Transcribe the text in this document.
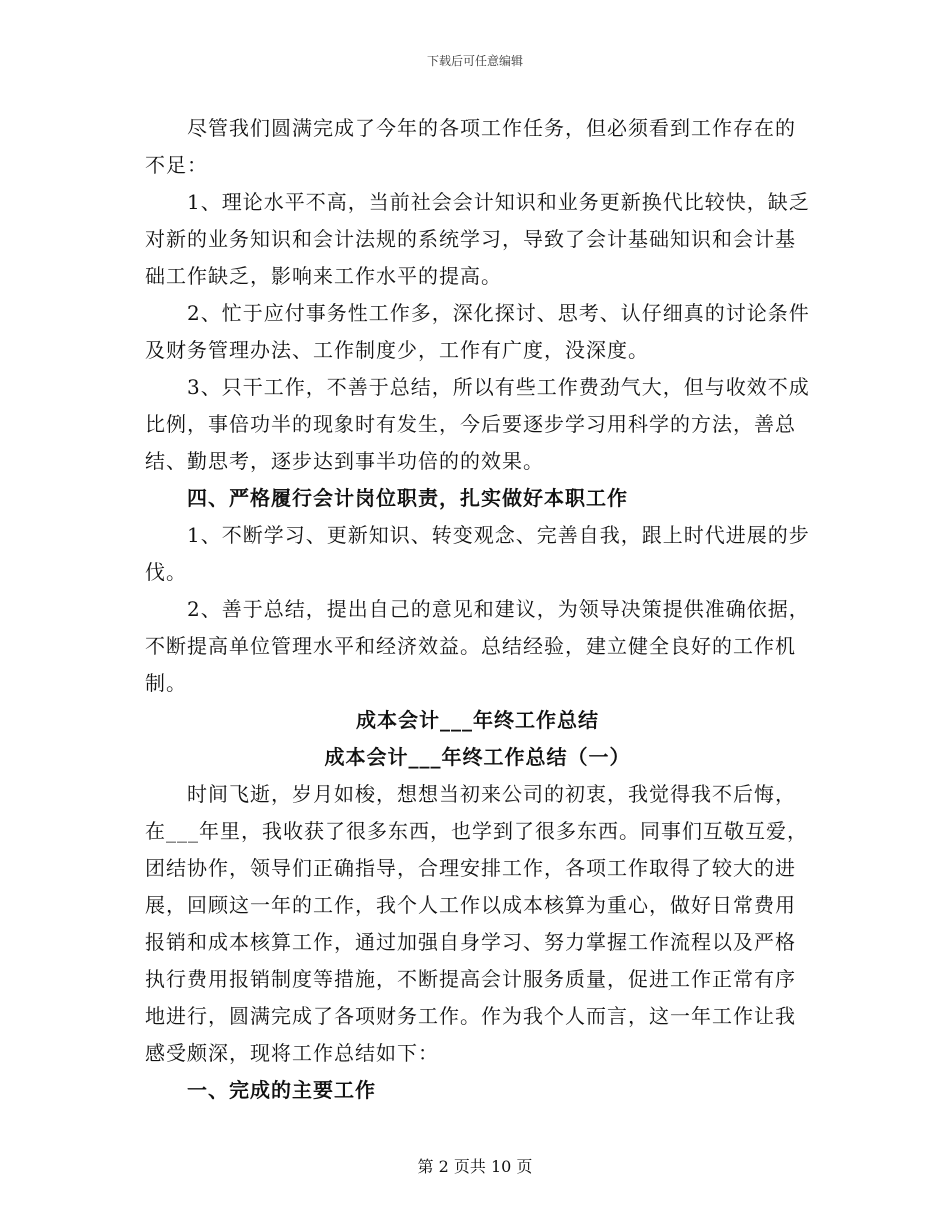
下载后可任意编辑

尽管我们圆满完成了今年的各项工作任务，但必须看到工作存在的不足：

1、理论水平不高，当前社会会计知识和业务更新换代比较快，缺乏对新的业务知识和会计法规的系统学习，导致了会计基础知识和会计基础工作缺乏，影响来工作水平的提高。

2、忙于应付事务性工作多，深化探讨、思考、认仔细真的讨论条件及财务管理办法、工作制度少，工作有广度，没深度。

3、只干工作，不善于总结，所以有些工作费劲气大，但与收效不成比例，事倍功半的现象时有发生，今后要逐步学习用科学的方法，善总结、勤思考，逐步达到事半功倍的的效果。

四、严格履行会计岗位职责，扎实做好本职工作

1、不断学习、更新知识、转变观念、完善自我，跟上时代进展的步伐。

2、善于总结，提出自己的意见和建议，为领导决策提供准确依据，不断提高单位管理水平和经济效益。总结经验，建立健全良好的工作机制。

成本会计___年终工作总结

成本会计___年终工作总结（一）

时间飞逝，岁月如梭，想想当初来公司的初衷，我觉得我不后悔，在___年里，我收获了很多东西，也学到了很多东西。同事们互敬互爱，团结协作，领导们正确指导，合理安排工作，各项工作取得了较大的进展，回顾这一年的工作，我个人工作以成本核算为重心，做好日常费用报销和成本核算工作，通过加强自身学习、努力掌握工作流程以及严格执行费用报销制度等措施，不断提高会计服务质量，促进工作正常有序地进行，圆满完成了各项财务工作。作为我个人而言，这一年工作让我感受颇深，现将工作总结如下：

一、完成的主要工作

第 2 页共 10 页
